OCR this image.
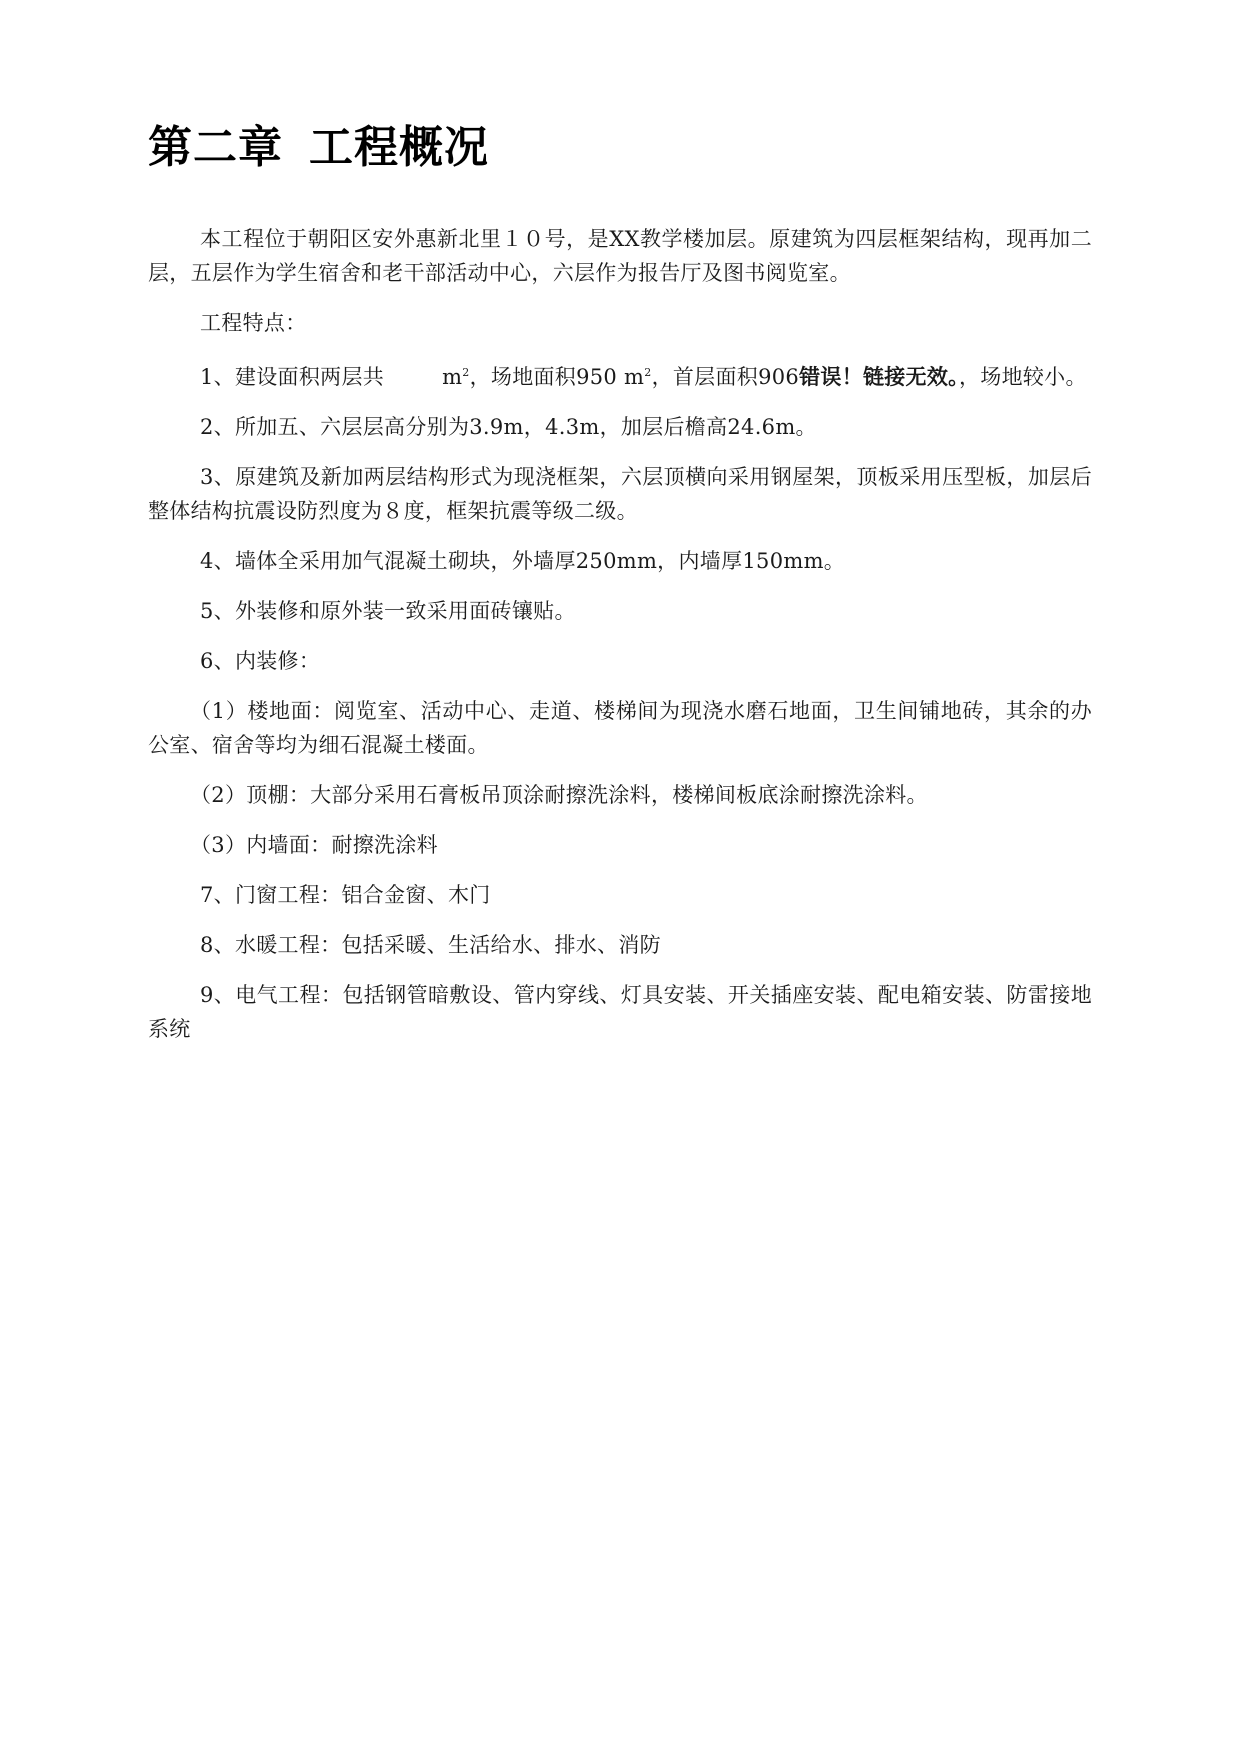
第二章 工程概况

本工程位于朝阳区安外惠新北里１０号，是XX教学楼加层。原建筑为四层框架结构，现再加二层，五层作为学生宿舍和老干部活动中心，六层作为报告厅及图书阅览室。

工程特点：

1、建设面积两层共	$m^2$，场地面积950 $m^2$，首层面积906错误！链接无效。，场地较小。

2、所加五、六层层高分别为3.9m，4.3m，加层后檐高24.6m。

3、原建筑及新加两层结构形式为现浇框架，六层顶横向采用钢屋架，顶板采用压型板，加层后整体结构抗震设防烈度为８度，框架抗震等级二级。

4、墙体全采用加气混凝土砌块，外墙厚250mm，内墙厚150mm。

5、外装修和原外装一致采用面砖镶贴。

6、内装修：

（1）楼地面：阅览室、活动中心、走道、楼梯间为现浇水磨石地面，卫生间铺地砖，其余的办公室、宿舍等均为细石混凝土楼面。

（2）顶棚：大部分采用石膏板吊顶涂耐擦洗涂料，楼梯间板底涂耐擦洗涂料。

（3）内墙面：耐擦洗涂料

7、门窗工程：铝合金窗、木门

8、水暖工程：包括采暖、生活给水、排水、消防

9、电气工程：包括钢管暗敷设、管内穿线、灯具安装、开关插座安装、配电箱安装、防雷接地系统
